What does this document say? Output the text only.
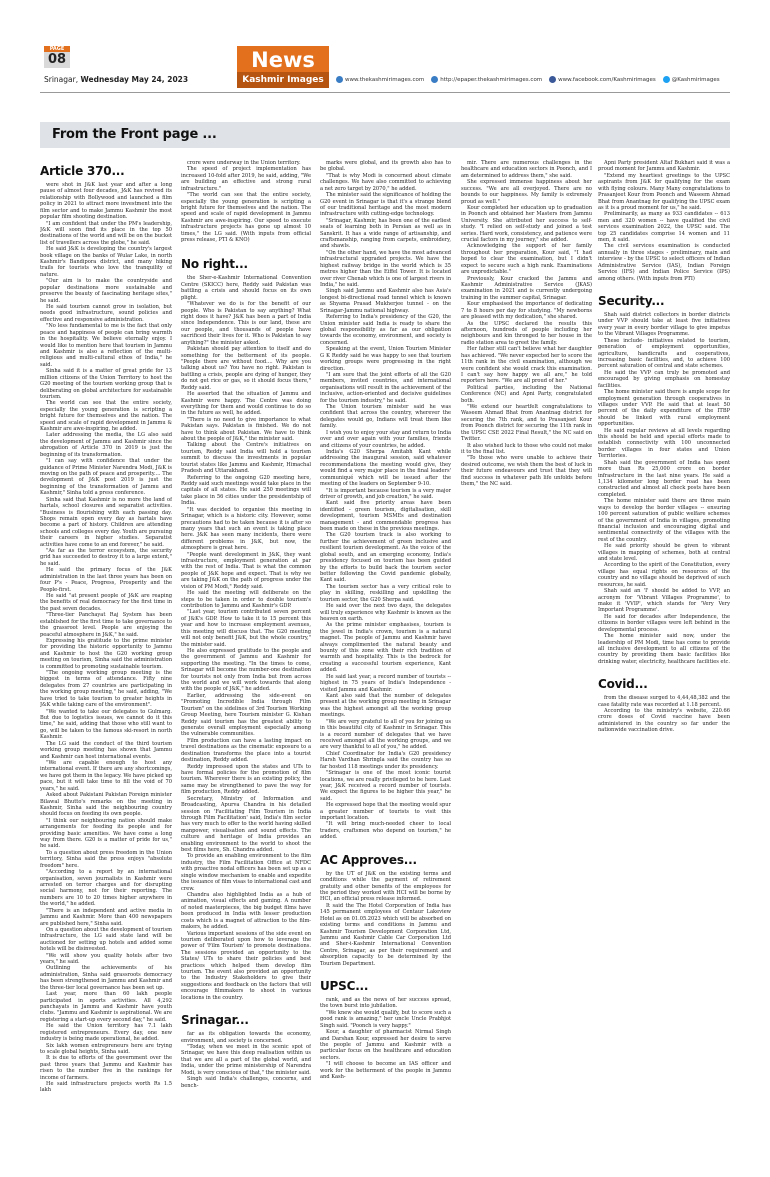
PAGE
08
Srinagar, Wednesday May 24, 2023
News
Kashmir Images	www.thekashmirimages.com	http://epaper.thekashmirimages.com	www.facebook.com/Kashmirimages	@Kashmirimages
From the Front page ...
Article 370...

were shot in J&K last year and after a long pause of almost four decades, J&K has revived its relationship with Bollywood and launched a film policy in 2021 to attract more investment into the film sector and to make Jammu Kashmir the most popular film shooting destination.

"I am confident that under the PM's leadership, J&K will soon find its place in the top 50 destinations of the world and will be on the bucket list of travellers across the globe," he said.

He said J&K is developing the country's largest book village on the banks of Wular Lake, in north Kashmir's Bandipora district, and many hiking trails for tourists who love the tranquility of nature.

"Our aim is to make the countryside and popular destinations more sustainable and preserve the beauty of fascinating heritage sites," he said.

He said tourism cannot grow in isolation, but needs good infrastructure, sound policies and effective and responsive administration.

"No less fundamental to me is the fact that only peace and happiness of people can bring warmth in the hospitality. We believe eternally enjoy. I would like to mention here that tourism in Jammu and Kashmir is also a reflection of the multi-religious and multi-cultural ethos of India," he said.

Sinha said it is a matter of great pride for 13 million citizens of the Union Territory to host the G20 meeting of the tourism working group that is deliberating on global architecture for sustainable tourism.

The world can see that the entire society, especially the young generation is scripting a bright future for themselves and the nation. The speed and scale of rapid development in Jammu & Kashmir are awe-inspiring, he added.

Later addressing the media, the LG also said the development of Jammu and Kashmir since the abrogation of Article 370 in 2019 is just the beginning of its transformation.

"I can say with confidence that under the guidance of Prime Minister Narendra Modi, J&K is moving on the path of peace and prosperity.... The development of J&K post 2019 is just the beginning of the transformation of Jammu and Kashmir," Sinha told a press conference.

Sinha said that Kashmir is no more the land of hartals, school closures and separatist activities. "Business is flourishing with each passing day. Shops remain open every day as hartals have become a part of history. Children are attending schools and colleges every day. Youth are pursuing their careers in higher studies. Separatist activities have come to an end forever," he said.

"As far as the terror ecosystem, the security grid has succeeded to destroy it to a large extent," he said.

He said the primary focus of the J&K administration in the last three years has been on four P's - Peace, Progress, Prosperity and the People-first.

He said "at present people of J&K are reaping the benefits of real democracy for the first time in the past seven decades.

"Three-tier Panchayat Raj System has been established for the first time to take governance to the grassroot level. People are enjoying the peaceful atmosphere in J&K," he said.

Expressing his gratitude to the prime minister for providing the historic opportunity to Jammu and Kashmir to host the G20 working group meeting on tourism, Sinha said the administration is committed to promoting sustainable tourism.

"The ongoing working group meeting is the biggest in terms of attendance. Fifty nine delegates from 27 countries are participating in the working group meeting," he said, adding, "We have tried to take tourism to greater heights in J&K while taking care of the environment".

"We wanted to take our delegates to Gulmarg. But due to logistics issues, we cannot do it this time," he said, adding that those who still want to go, will be taken to the famous ski-resort in north Kashmir.

The LG said the conduct of the third tourism working group meeting has shown that Jammu and Kashmir can host international events.

"We are capable enough to host any international event. If there are any shortcomings, we have got them in the legacy. We have picked up pace, but it will take time to fill the void of 70 years," he said.

Asked about Pakistani Pakistan Foreign minister Bilawal Bhutto's remarks on the meeting in Kashmir, Sinha said the neighbouring country should focus on feeding its own people.

"I think our neighbouring nation should make arrangements for feeding its people and for providing basic amenities. We have come a long way from there. G20 is a matter of pride for us," he said.

To a question about press freedom in the Union territory, Sinha said the press enjoys "absolute freedom" here.

"According to a report by an international organisation, seven journalists in Kashmir were arrested on terror charges and for disrupting social harmony, not for their reporting. The numbers are 10 to 20 times higher anywhere in the world," he added.

"There is an independent and active media in Jammu and Kashmir. More than 400 newspapers are published here," Sinha said.

On a question about the development of tourism infrastructure, the LG said state land will be auctioned for setting up hotels and added some hotels will be disinvested.

"We will show you quality hotels after two years," he said.

Outlining the achievements of his administration, Sinha said grassroots democracy has been strengthened in Jammu and Kashmir and the three-tier local governance has been set up.

Last year, more than 60 lakh people participated in sports activities. All 4,292 panchayats in Jammu and Kashmir have youth clubs. "Jammu and Kashmir is aspirational. We are registering a start-up every second day," he said.

He said the Union territory has 7.1 lakh registered entrepreneurs. Every day, one new industry is being made operational, he added.

Six lakh women entrepreneurs here are trying to scale global heights, Sinha said.

It is due to efforts of the government over the past three years that Jammu and Kashmir has risen to the number five in the rankings for income of farmers.

He said infrastructure projects worth Rs 1.5 lakh

crore were underway in the Union territory.

The speed of project implementation has increased 10-fold after 2019, he said, adding, "We are building an effective and strong rural infrastructure."

"The world can see that the entire society, especially the young generation is scripting a bright future for themselves and the nation. The speed and scale of rapid development in Jammu Kashmir are awe-inspiring. Our speed to execute infrastructure projects has gone up almost 10 times," the LG said. (With inputs from official press release, PTI & KNO)

No right...

the Sher-e-Kashmir International Convention Centre (SKICC) here, Reddy said Pakistan was battling a crisis and should focus on its own plight.

"Whatever we do is for the benefit of our people. Who is Pakistan to say anything? What right does it have? J&K has been a part of India since Independence. This is our land, these are our people, and thousands of people have sacrificed their lives for it. Who is Pakistan to say anything?" the minister asked.

Pakistan should pay attention to itself and do something for the betterment of its people. "People there are without food.... Why are you talking about us? You have no right. Pakistan is battling a crisis, people are dying of hunger, they do not get rice or gas, so it should focus there," Reddy said.

He asserted that the situation of Jammu and Kashmir were happy. The Centre was doing everything for them and would continue to do so in the future as well, he added.

"There is no need to give importance to what Pakistan says. Pakistan is finished. We do not have to think about Pakistan. We have to think about the people of J&K," the minister said.

Talking about the Centre's initiatives on tourism, Reddy said India will hold a tourism summit to discuss the investments in popular tourist states like Jammu and Kashmir, Himachal Pradesh and Uttarakhand.

Referring to the ongoing G20 meeting here, Reddy said such meetings would take place in the capitals of all states. He said 250 meetings will take place in 56 cities under the presidentship of India.

"It was decided to organise this meeting in Srinagar, which is a historic city. However, some precautions had to be taken because it is after so many years that such an event is taking place here. J&K has seen many incidents, there were different problems in J&K, but now, the atmosphere is great here.

"People want development in J&K, they want infrastructure, employment generation at par with the rest of India. That is what the common people of J&K hope and expect. That is why we are taking J&K on the path of progress under the vision of PM Modi," Reddy said.

He said the meeting will deliberate on the steps to be taken in order to double tourism's contribution to Jammu and Kashmir's GDP.

"Last year, tourism contributed seven percent of J&K's GDP. How to take it to 15 percent this year and how to increase employment avenues, this meeting will discuss that. The G20 meeting will not only benefit J&K, but the whole country," the minister said.

He also expressed gratitude to the people and the government of Jammu and Kashmir for supporting the meeting. "In the times to come, Srinagar will become the number-one destination for tourists not only from India but from across the world and we will work towards that along with the people of J&K," he added.

Earlier, addressing the side-event on "Promoting Incredible India through Film Tourism" on the sidelines of 3rd Tourism Working Group Meeting, here Tourism minister G. Kishan Reddy said tourism has the greatest ability to generate overall employment especially among the vulnerable communities.

Film production can have a lasting impact on travel destinations as the cinematic exposure to a destination transforms the place into a tourist destination, Reddy added.

Reddy impressed upon the states and UTs to have formal policies for the promotion of film tourism. Wherever there is an existing policy, the same may be strengthened to pave the way for film production, Reddy added.

Secretary, Ministry of Information and Broadcasting, Apurva Chandra in his detailed session on 'Facilitating Film Tourism in India through Film Facilitation' said, India's film sector has very much to offer to the world having skilled manpower, visualisation and sound effects. The culture and heritage of India provides an enabling environment to the world to shoot the best films here, Sh. Chandra added.

To provide an enabling environment to the film industry, the Film Facilitation Office at NFDC with proactive nodal officers has been set up as a single window mechanism to enable and expedite the issuance of film visas to international cast and crew.

Chandra also highlighted India as a hub of animation, visual effects and gaming. A number of noted masterpieces, the big budget films have been produced in India with lesser production costs which is a magnet of attraction to the film-makers, he added.

Various important sessions of the side event on tourism deliberated upon how to leverage the power of 'Film Tourism' to promote destinations. The sessions provided an opportunity to the States/ UTs to share their policies and best practices which helped them develop film tourism. The event also provided an opportunity to the Industry Stakeholders to give their suggestions and feedback on the factors that will encourage filmmakers to shoot in various locations in the country.

Srinagar...

far as its obligation towards the economy, environment, and society is concerned.

"Today, when we meet in the scenic spot of Srinagar, we have this deep realisation within us that we are all a part of the global world, and India, under the prime ministership of Narendra Modi, is very conscious of that," the minister said.

Singh said India's challenges, concerns, and bench-

marks were global, and its growth also has to be global.

"That is why Modi is concerned about climate challenges. We have also committed to achieving a net zero target by 2070," he added.

The minister said the significance of holding the G20 event in Srinagar is that it's a strange blend of our traditional heritage and the most modern infrastructure with cutting-edge technology.

"Srinagar, Kashmir, has been one of the earliest seats of learning both in Persian as well as in Sanskrit. It has a wide range of artisanship, and craftsmanship, ranging from carpets, embroidery, and shawls.

"On the other hand, we have the most advanced infrastructural upgraded projects. We have the highest railway bridge in the world which is 35 metres higher than the Eiffel Tower. It is located over river Chenab which is one of largest rivers in India," he said.

Singh said Jammu and Kashmir also has Asia's longest bi-directional road tunnel which is known as Shyama Prasad Mukherjee tunnel - on the Srinagar-Jammu national highway.

Referring to India's presidency of the G20, the Union minister said India is ready to share the global responsibility as far as our obligation towards the economy, environment, and society is concerned.

Speaking at the event, Union Tourism Minister G K Reddy said he was happy to see that tourism working groups were progressing in the right direction.

"I am sure that the joint efforts of all the G20 members, invited countries, and international organisations will result in the achievement of the inclusive, action-oriented and decisive guidelines for the tourism industry," he said.

The Union tourism minister said he was confident that across the country, wherever the delegates would go, Indians will treat them like family.

I wish you to enjoy your stay and return to India over and over again with your families, friends and citizens of your countries, he added.

India's G20 Sherpa Amitabh Kant while addressing the inaugural session, said whatever recommendations the meeting would give, they would find a very major place in the final leaders' communiqué which will be issued after the meeting of the leaders on September 9-10.

"It is important because tourism is a very major driver of growth, and job creation," he said.

Kant said five priority areas have been identified - green tourism, digitalisation, skill development, tourism MSMEs and destination management - and commendable progress has been made on these in the previous meetings.

The G20 tourism track is also working to further the achievement of green inclusive and resilient tourism development. As the voice of the global south, and an emerging economy, India's presidency focused on tourism has been guided by the efforts to build back the tourism sector better following the Covid pandemic globally, Kant said.

The tourism sector has a very critical role to play in skilling, reskilling and upskilling the tourism sector, the G20 Sherpa said.

He said over the next two days, the delegates will truly experience why Kashmir is known as the heaven on earth.

As the prime minister emphasises, tourism is the jewel in India's crown, tourism is a natural magnet. The people of Jammu and Kashmir have always complimented the natural beauty and bounty of this zone with their rich tradition of warmth and hospitality. This is the bedrock for creating a successful tourism experience, Kant added.

He said last year, a record number of tourists -- highest in 75 years of India's Independence - visited Jammu and Kashmir.

Kant also said that the number of delegates present at the working group meeting in Srinagar was the highest amongst all the working group meetings.

"We are very grateful to all of you for joining us in this beautiful city of Kashmir in Srinagar. This is a record number of delegates that we have received amongst all the working groups, and we are very thankful to all of you," he added.

Chief Coordinator for India's G20 presidency Harsh Vardhan Shringla said the country has so far hosted 118 meetings under its presidency.

"Srinagar is one of the most iconic tourist locations, we are really privileged to be here. Last year, J&K received a record number of tourists. We expect the figures to be higher this year," he said.

He expressed hope that the meeting would spur a greater number of tourists to visit this important location.

"It will bring much-needed cheer to local traders, craftsmen who depend on tourism," he added.

AC Approves...

by the UT of J&K on the existing terms and conditions while the payment of retirement gratuity and other benefits of the employees for the period they worked with HCI will be borne by HCI, an official press release informed.

It said the The Hotel Corporation of India has 145 permanent employees of Centaur Lakeview Hotel as on 01.05.2023 which will be absorbed on existing terms and conditions in Jammu and Kashmir Tourism Development Corporation Ltd, Jammu and Kashmir Cable Car Corporation Ltd and Sher-i-Kashmir International Convention Centre, Srinagar, as per their requirement and absorption capacity to be determined by the Tourism Department.

UPSC...

rank, and as the news of her success spread, the town burst into jubilation.

"We knew she would qualify, but to score such a good rank is amazing," her uncle Uncle Prabhjot Singh said. "Poonch is very happy."

Kour, a daughter of pharmacist Nirmal Singh and Darshan Kour, expressed her desire to serve the people of Jammu and Kashmir with a particular focus on the healthcare and education sectors.

"I will choose to become an IAS officer and work for the betterment of the people in Jammu and Kash-

mir. There are numerous challenges in the healthcare and education sectors in Poonch, and I am determined to address them," she said.

She expressed immense happiness about her success. "We are all overjoyed. There are no bounds to our happiness. My family is extremely proud as well."

Kour completed her education up to graduation in Poonch and obtained her Masters from Jammu University. She attributed her success to self-study. "I relied on self-study and joined a test series. Hard work, consistency, and patience were crucial factors in my journey," she added.

Acknowledging the support of her family throughout her preparation, Kour said, "I had hoped to clear the examination, but I didn't expect to secure such a high rank. Examinations are unpredictable."

Previously, Kour cracked the Jammu and Kashmir Administrative Service (JKAS) examination in 2021 and is currently undergoing training in the summer capital, Srinagar.

Kour emphasised the importance of dedicating 7 to 8 hours per day for studying. "My newborns are pleased with my dedication," she shared.

As the UPSC declared the results this afternoon, hundreds of people including her neighbours and kin thronged to her house in the radio station area to greet the family.

Her father still can't believe what her daughter has achieved. "We never expected her to score the 11th rank in the civil examination, although we were confident she would crack this examination. I can't say how happy we all are," he told reporters here. "We are all proud of her."

Political parties, including the National Conference (NC) and Apni Party, congratulated both.

"We extend our heartfelt congratulations to Waseem Ahmad Bhat from Anantnag district for securing the 7th rank, and to Prasanjeet Kour from Poonch district for securing the 11th rank in the UPSC CSE 2022 Final Result," the NC said on Twitter.

It also wished luck to those who could not make it to the final list.

"To those who were unable to achieve their desired outcome, we wish them the best of luck in their future endeavours and trust that they will find success in whatever path life unfolds before them," the NC said.

Apni Party president Altaf Bukhari said it was a proud moment for Jammu and Kashmir.

"Extend my heartiest greetings to the UPSC aspirants from J&K for qualifying for the exam with flying colours. Many Many congratulations to Prasanjeet Kour from Poonch and Waseem Ahmad Bhat from Anantnag for qualifying the UPSC exam as it is a proud moment for us," he said.

Preliminarily, as many as 933 candidates -- 613 men and 320 women -- have qualified the civil services examination 2022, the UPSC said. The top 25 candidates comprise 14 women and 11 men, it said.

The civil services examination is conducted annually in three stages - preliminary, main and interview - by the UPSC to select officers of Indian Administrative Service (IAS), Indian Foreign Service (IFS) and Indian Police Service (IPS) among others. (With inputs from PTI)

Security...

Shah said district collectors in border districts under VVP should take at least five initiatives every year in every border village to give impetus to the Vibrant Villages Programme.

These include- initiatives related to tourism, generation of employment opportunities, agriculture, handicrafts and cooperatives, increasing basic facilities, and, to achieve 100 percent saturation of central and state schemes.

He said the VVP can truly be promoted and encouraged by giving emphasis on homestay facilities.

The home minister said there is ample scope for employment generation through cooperatives in villages under VVP. He said that at least 50 percent of the daily expenditure of the ITBP should be linked with rural employment opportunities.

He said regular reviews at all levels regarding this should be held and special efforts made to establish connectivity with 100 unconnected border villages in four states and Union Territories.

Shah said the government of India has spent more than Rs 25,000 crore on border infrastructure in the last nine years. He said a 1,134 kilometer long border road has been constructed and almost all check posts have been completed.

The home minister said there are three main ways to develop the border villages -- ensuring 100 percent saturation of public welfare schemes of the government of India in villages, promoting financial inclusion and encouraging digital and sentimental connectivity of the villages with the rest of the country.

He said priority should be given to vibrant villages in mapping of schemes, both at central and state level.

According to the spirit of the Constitution, every village has equal rights on resources of the country and no village should be deprived of such resources, he said.

Shah said an 'I' should be added to VVP, an acronym for 'Vibrant Villages Programme', to make it 'VVIP', which stands for 'Very Very Important Programme'.

He said for decades after Independence, the citizens in border villages were left behind in the developmental process.

The home minister said now, under the leadership of PM Modi, time has come to provide all inclusive development to all citizens of the country by providing them basic facilities like drinking water, electricity, healthcare facilities etc.

Covid...

from the disease surged to 4,44,48,382 and the case fatality rate was recorded at 1.18 percent.

According to the ministry's website, 220.66 crore doses of Covid vaccine have been administered in the country so far under the nationwide vaccination drive.
